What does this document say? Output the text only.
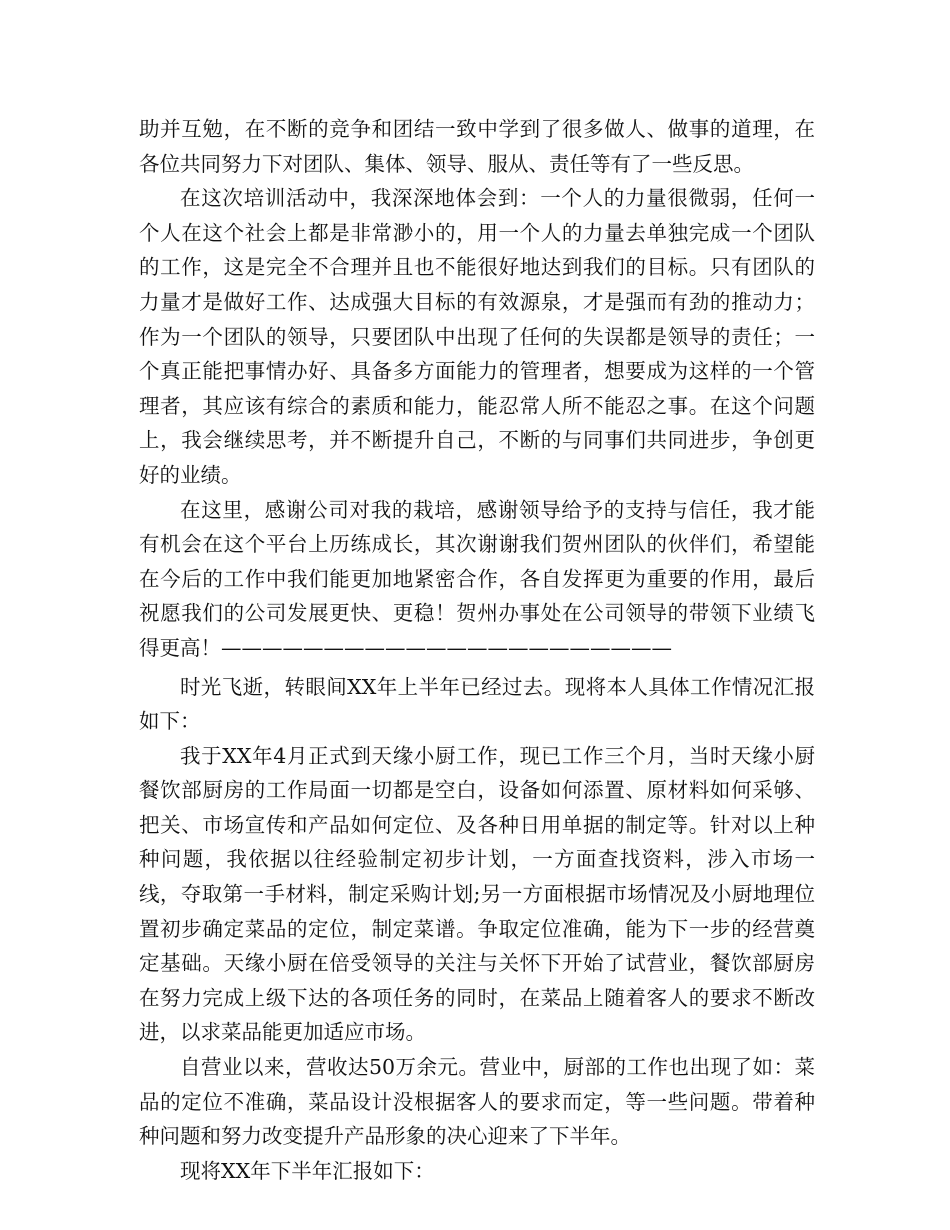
助并互勉，在不断的竞争和团结一致中学到了很多做人、做事的道理，在各位共同努力下对团队、集体、领导、服从、责任等有了一些反思。

在这次培训活动中，我深深地体会到：一个人的力量很微弱，任何一个人在这个社会上都是非常渺小的，用一个人的力量去单独完成一个团队的工作，这是完全不合理并且也不能很好地达到我们的目标。只有团队的力量才是做好工作、达成强大目标的有效源泉，才是强而有劲的推动力；作为一个团队的领导，只要团队中出现了任何的失误都是领导的责任；一个真正能把事情办好、具备多方面能力的管理者，想要成为这样的一个管理者，其应该有综合的素质和能力，能忍常人所不能忍之事。在这个问题上，我会继续思考，并不断提升自己，不断的与同事们共同进步，争创更好的业绩。

在这里，感谢公司对我的栽培，感谢领导给予的支持与信任，我才能有机会在这个平台上历练成长，其次谢谢我们贺州团队的伙伴们，希望能在今后的工作中我们能更加地紧密合作，各自发挥更为重要的作用，最后祝愿我们的公司发展更快、更稳！贺州办事处在公司领导的带领下业绩飞得更高！——————————————————————

时光飞逝，转眼间XX年上半年已经过去。现将本人具体工作情况汇报如下：

我于XX年4月正式到天缘小厨工作，现已工作三个月，当时天缘小厨餐饮部厨房的工作局面一切都是空白，设备如何添置、原材料如何采够、把关、市场宣传和产品如何定位、及各种日用单据的制定等。针对以上种种问题，我依据以往经验制定初步计划，一方面查找资料，涉入市场一线，夺取第一手材料，制定采购计划;另一方面根据市场情况及小厨地理位置初步确定菜品的定位，制定菜谱。争取定位准确，能为下一步的经营奠定基础。天缘小厨在倍受领导的关注与关怀下开始了试营业，餐饮部厨房在努力完成上级下达的各项任务的同时，在菜品上随着客人的要求不断改进，以求菜品能更加适应市场。

自营业以来，营收达50万余元。营业中，厨部的工作也出现了如：菜品的定位不准确，菜品设计没根据客人的要求而定，等一些问题。带着种种问题和努力改变提升产品形象的决心迎来了下半年。

现将XX年下半年汇报如下：
